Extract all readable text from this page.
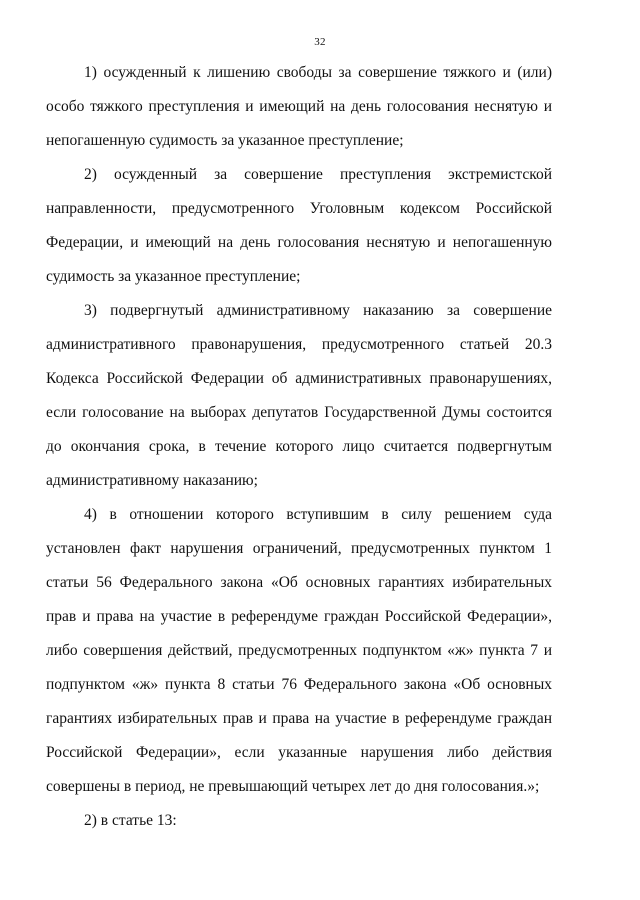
32

1) осужденный к лишению свободы за совершение тяжкого и (или) особо тяжкого преступления и имеющий на день голосования неснятую и непогашенную судимость за указанное преступление;

2) осужденный за совершение преступления экстремистской направленности, предусмотренного Уголовным кодексом Российской Федерации, и имеющий на день голосования неснятую и непогашенную судимость за указанное преступление;

3) подвергнутый административному наказанию за совершение административного правонарушения, предусмотренного статьей 20.3 Кодекса Российской Федерации об административных правонарушениях, если голосование на выборах депутатов Государственной Думы состоится до окончания срока, в течение которого лицо считается подвергнутым административному наказанию;

4) в отношении которого вступившим в силу решением суда установлен факт нарушения ограничений, предусмотренных пунктом 1 статьи 56 Федерального закона «Об основных гарантиях избирательных прав и права на участие в референдуме граждан Российской Федерации», либо совершения действий, предусмотренных подпунктом «ж» пункта 7 и подпунктом «ж» пункта 8 статьи 76 Федерального закона «Об основных гарантиях избирательных прав и права на участие в референдуме граждан Российской Федерации», если указанные нарушения либо действия совершены в период, не превышающий четырех лет до дня голосования.»;

2) в статье 13:
